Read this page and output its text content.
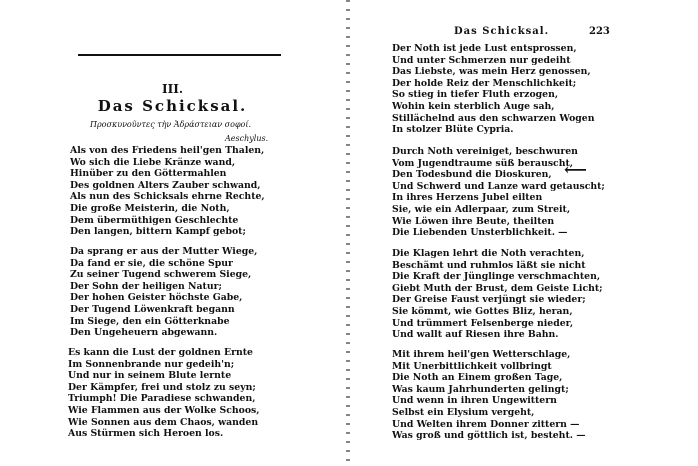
III.
Das Schicksal.
Προσκυνοῦντες τὴν Ἀδράστειαν σοφοί.
Aeschylus.
Als von des Friedens heil'gen Thalen,
Wo sich die Liebe Kränze wand,
Hinüber zu den Göttermahlen
Des goldnen Alters Zauber schwand,
Als nun des Schicksals ehrne Rechte,
Die große Meisterin, die Noth,
Dem übermüthigen Geschlechte
Den langen, bittern Kampf gebot;
Da sprang er aus der Mutter Wiege,
Da fand er sie, die schöne Spur
Zu seiner Tugend schwerem Siege,
Der Sohn der heiligen Natur;
Der hohen Geister höchste Gabe,
Der Tugend Löwenkraft begann
Im Siege, den ein Götterknabe
Den Ungeheuern abgewann.
Es kann die Lust der goldnen Ernte
Im Sonnenbrande nur gedeih'n;
Und nur in seinem Blute lernte
Der Kämpfer, frei und stolz zu seyn;
Triumph! Die Paradiese schwanden,
Wie Flammen aus der Wolke Schoos,
Wie Sonnen aus dem Chaos, wanden
Aus Stürmen sich Heroen los.
Das Schicksal.	223
Der Noth ist jede Lust entsprossen,
Und unter Schmerzen nur gedeiht
Das Liebste, was mein Herz genossen,
Der holde Reiz der Menschlichkeit;
So stieg in tiefer Fluth erzogen,
Wohin kein sterblich Auge sah,
Stillächelnd aus den schwarzen Wogen
In stolzer Blüte Cypria.
Durch Noth vereiniget, beschwuren
Vom Jugendtraume süß berauscht,
Den Todesbund die Dioskuren,
Und Schwerd und Lanze ward getauscht;
In ihres Herzens Jubel eilten
Sie, wie ein Adlerpaar, zum Streit,
Wie Löwen ihre Beute, theilten
Die Liebenden Unsterblichkeit. —
Die Klagen lehrt die Noth verachten,
Beschämt und ruhmlos läßt sie nicht
Die Kraft der Jünglinge verschmachten,
Giebt Muth der Brust, dem Geiste Licht;
Der Greise Faust verjüngt sie wieder;
Sie kömmt, wie Gottes Bliz, heran,
Und trümmert Felsenberge nieder,
Und wallt auf Riesen ihre Bahn.
Mit ihrem heil'gen Wetterschlage,
Mit Unerbittlichkeit vollbringt
Die Noth an Einem großen Tage,
Was kaum Jahrhunderten gelingt;
Und wenn in ihren Ungewittern
Selbst ein Elysium vergeht,
Und Welten ihrem Donner zittern —
Was groß und göttlich ist, besteht. —
⟵
